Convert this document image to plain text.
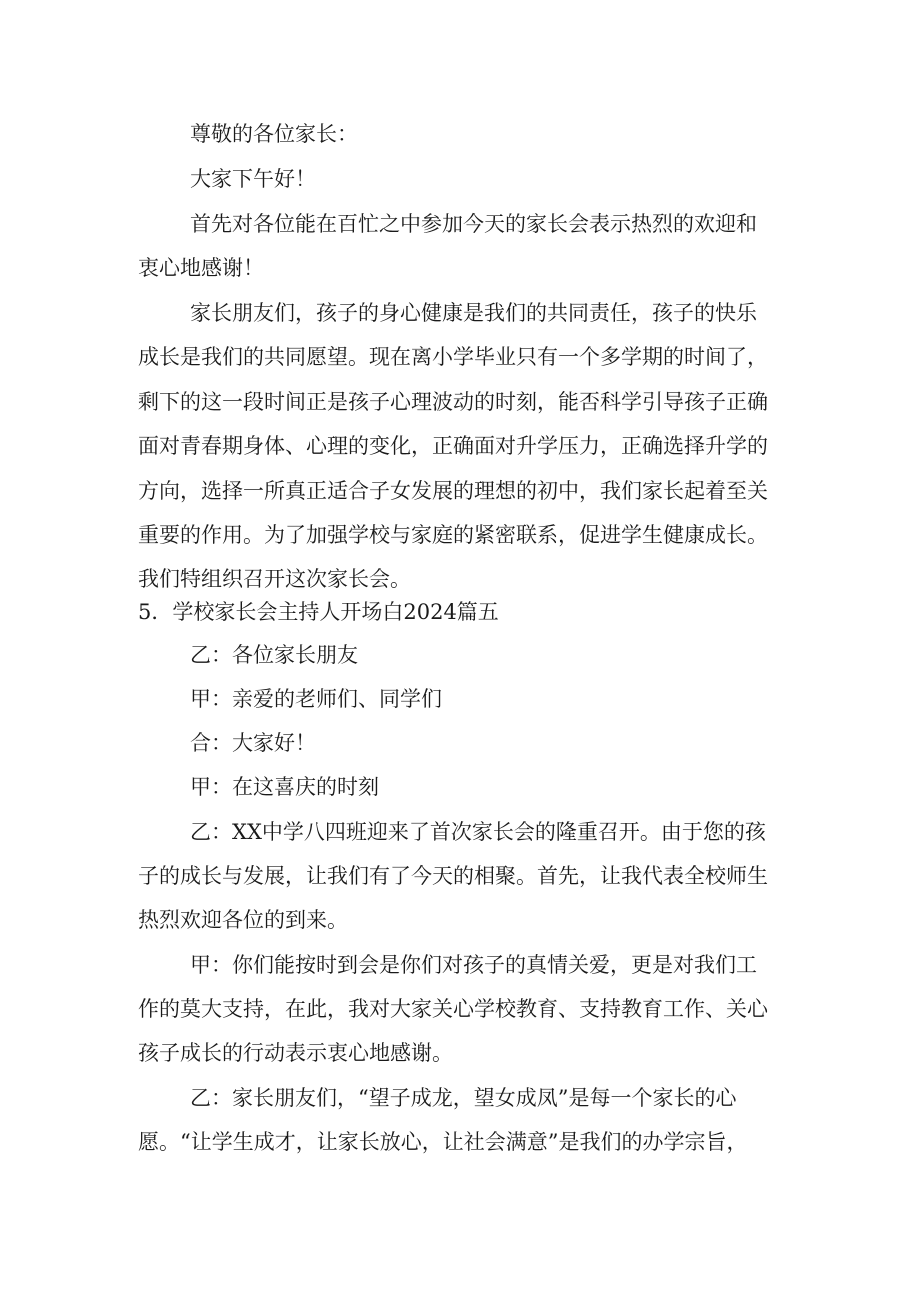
尊敬的各位家长：
大家下午好！
首先对各位能在百忙之中参加今天的家长会表示热烈的欢迎和
衷心地感谢！
家长朋友们，孩子的身心健康是我们的共同责任，孩子的快乐
成长是我们的共同愿望。现在离小学毕业只有一个多学期的时间了，
剩下的这一段时间正是孩子心理波动的时刻，能否科学引导孩子正确
面对青春期身体、心理的变化，正确面对升学压力，正确选择升学的
方向，选择一所真正适合子女发展的理想的初中，我们家长起着至关
重要的作用。为了加强学校与家庭的紧密联系，促进学生健康成长。
我们特组织召开这次家长会。
5．学校家长会主持人开场白2024篇五
乙：各位家长朋友
甲：亲爱的老师们、同学们
合：大家好！
甲：在这喜庆的时刻
乙：XX中学八四班迎来了首次家长会的隆重召开。由于您的孩
子的成长与发展，让我们有了今天的相聚。首先，让我代表全校师生
热烈欢迎各位的到来。
甲：你们能按时到会是你们对孩子的真情关爱，更是对我们工
作的莫大支持，在此，我对大家关心学校教育、支持教育工作、关心
孩子成长的行动表示衷心地感谢。
乙：家长朋友们，“望子成龙，望女成凤”是每一个家长的心
愿。“让学生成才，让家长放心，让社会满意”是我们的办学宗旨，
